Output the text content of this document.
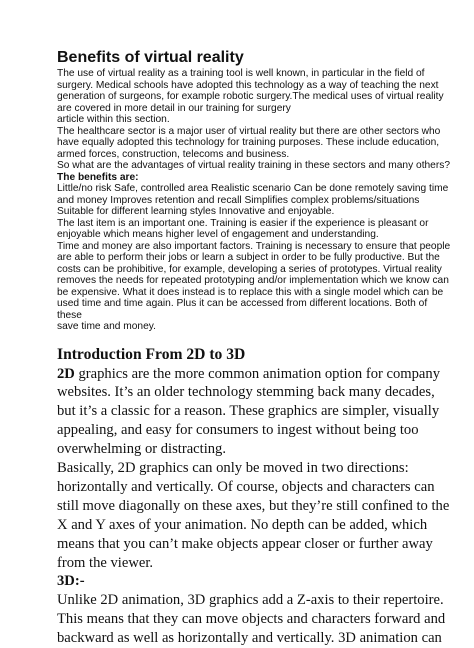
Benefits of virtual reality
The use of virtual reality as a training tool is well known, in particular in the field of
surgery. Medical schools have adopted this technology as a way of teaching the next
generation of surgeons, for example robotic surgery.The medical uses of virtual reality
are covered in more detail in our training for surgery
article within this section.
The healthcare sector is a major user of virtual reality but there are other sectors who
have equally adopted this technology for training purposes. These include education,
armed forces, construction, telecoms and business.
So what are the advantages of virtual reality training in these sectors and many others?
The benefits are:
Little/no risk Safe, controlled area Realistic scenario Can be done remotely saving time
and money Improves retention and recall Simplifies complex problems/situations
Suitable for different learning styles Innovative and enjoyable.
The last item is an important one. Training is easier if the experience is pleasant or
enjoyable which means higher level of engagement and understanding.
Time and money are also important factors. Training is necessary to ensure that people
are able to perform their jobs or learn a subject in order to be fully productive. But the
costs can be prohibitive, for example, developing a series of prototypes. Virtual reality
removes the needs for repeated prototyping and/or implementation which we know can
be expensive. What it does instead is to replace this with a single model which can be
used time and time again. Plus it can be accessed from different locations. Both of
these
save time and money.
Introduction From 2D to 3D
2D graphics are the more common animation option for company
websites. It’s an older technology stemming back many decades,
but it’s a classic for a reason. These graphics are simpler, visually
appealing, and easy for consumers to ingest without being too
overwhelming or distracting.
Basically, 2D graphics can only be moved in two directions:
horizontally and vertically. Of course, objects and characters can
still move diagonally on these axes, but they’re still confined to the
X and Y axes of your animation. No depth can be added, which
means that you can’t make objects appear closer or further away
from the viewer.
3D:-
Unlike 2D animation, 3D graphics add a Z-axis to their repertoire.
This means that they can move objects and characters forward and
backward as well as horizontally and vertically. 3D animation can
